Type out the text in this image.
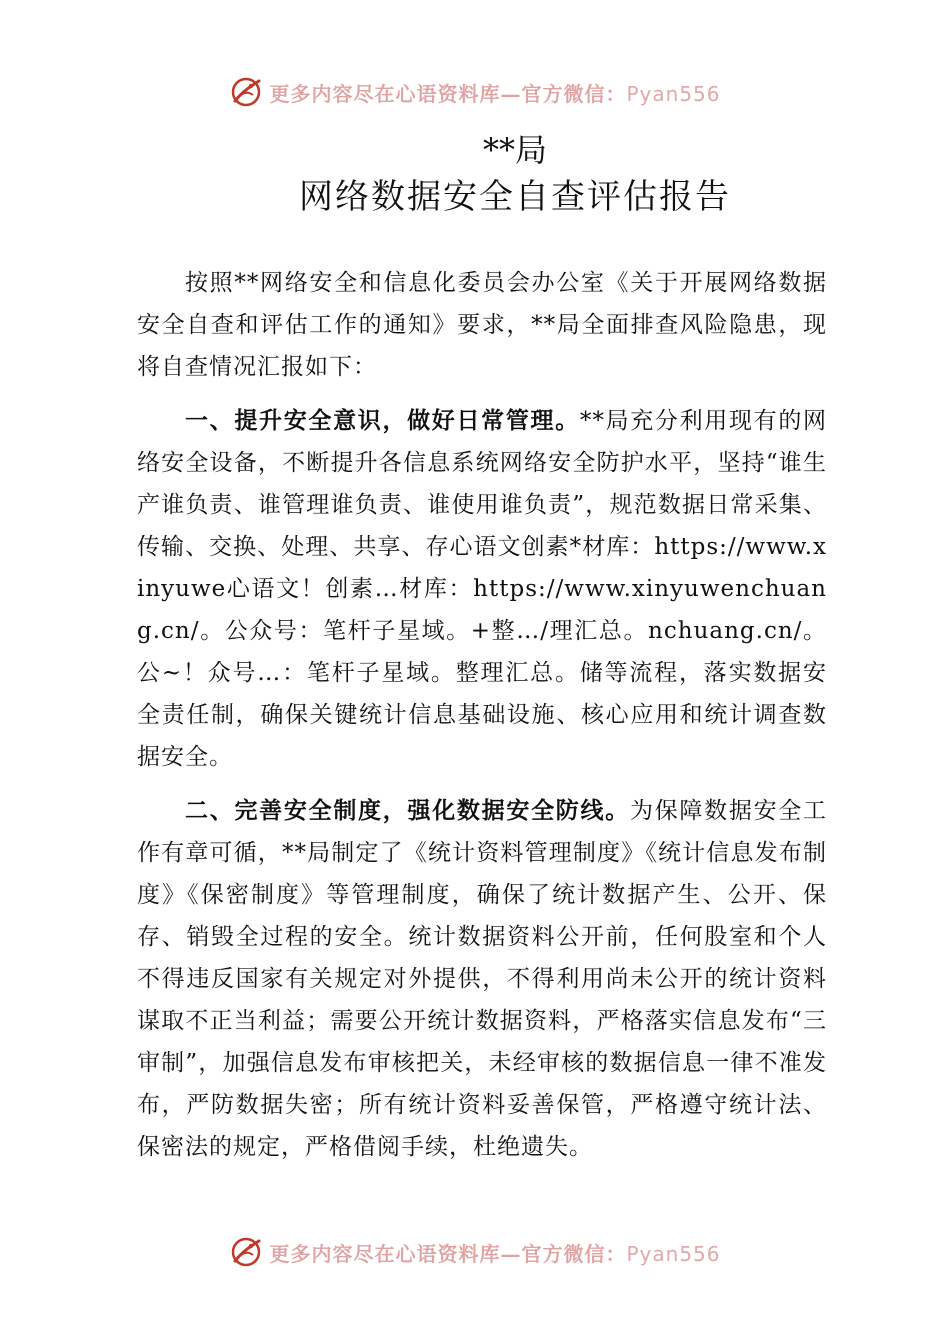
更多内容尽在心语资料库—官方微信：Pyan556
**局
网络数据安全自查评估报告

按照**网络安全和信息化委员会办公室《关于开展网络数据安全自查和评估工作的通知》要求，**局全面排查风险隐患，现将自查情况汇报如下：

一、提升安全意识，做好日常管理。**局充分利用现有的网络安全设备，不断提升各信息系统网络安全防护水平，坚持“谁生产谁负责、谁管理谁负责、谁使用谁负责”，规范数据日常采集、传输、交换、处理、共享、存心语文创素*材库：https://www.xinyuwe心语文！创素…材库：https://www.xinyuwenchuang.cn/。公众号：笔杆子星域。+整…/理汇总。nchuang.cn/。公~！众号…：笔杆子星域。整理汇总。储等流程，落实数据安全责任制，确保关键统计信息基础设施、核心应用和统计调查数据安全。

二、完善安全制度，强化数据安全防线。为保障数据安全工作有章可循，**局制定了《统计资料管理制度》《统计信息发布制度》《保密制度》等管理制度，确保了统计数据产生、公开、保存、销毁全过程的安全。统计数据资料公开前，任何股室和个人不得违反国家有关规定对外提供，不得利用尚未公开的统计资料谋取不正当利益；需要公开统计数据资料，严格落实信息发布“三审制”，加强信息发布审核把关，未经审核的数据信息一律不准发布，严防数据失密；所有统计资料妥善保管，严格遵守统计法、保密法的规定，严格借阅手续，杜绝遗失。

更多内容尽在心语资料库—官方微信：Pyan556
